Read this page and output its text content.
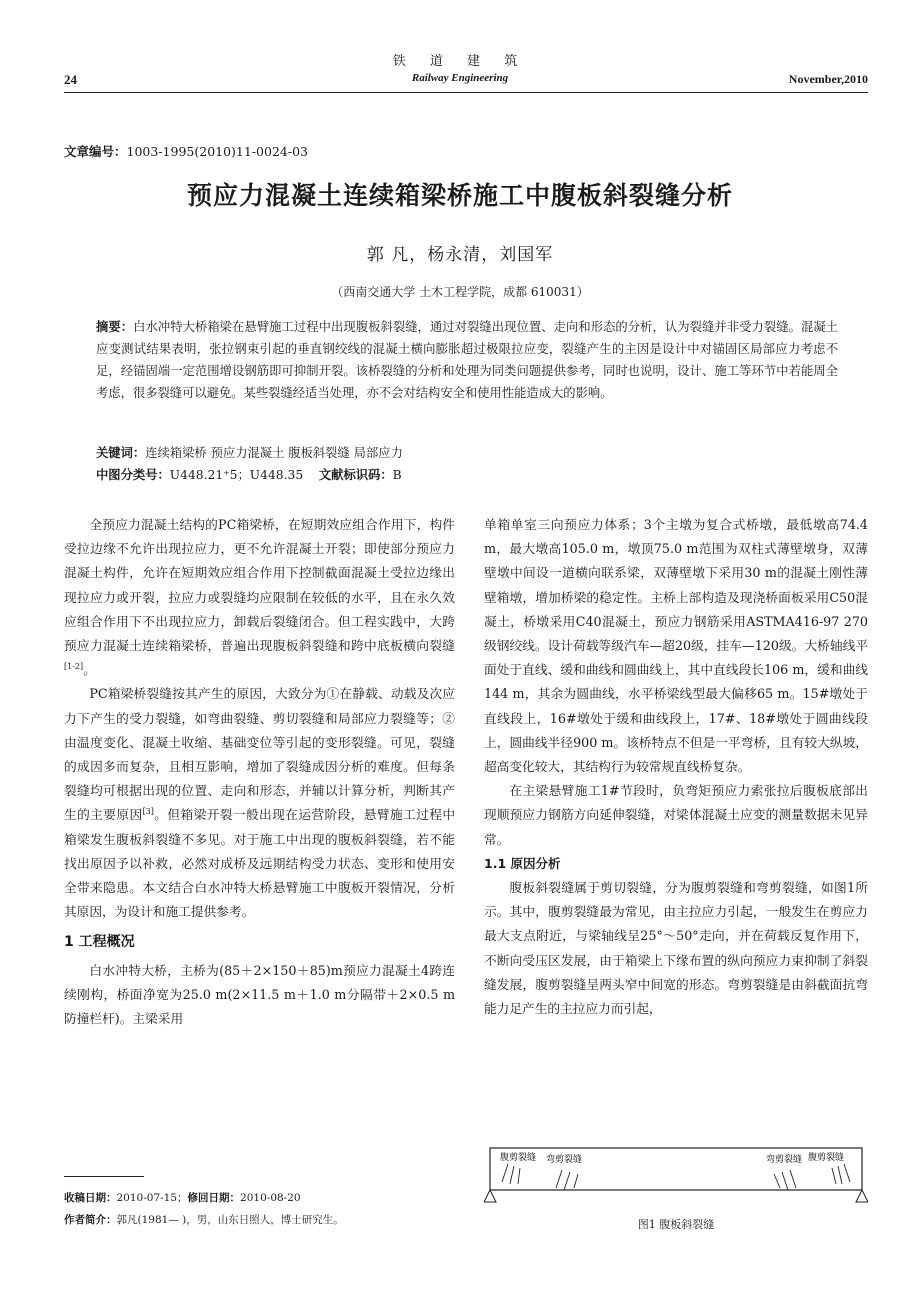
铁 道 建 筑
24	Railway Engineering	November,2010
文章编号：1003-1995(2010)11-0024-03
预应力混凝土连续箱梁桥施工中腹板斜裂缝分析
郭 凡，杨永清，刘国军
（西南交通大学 土木工程学院，成都 610031）
摘要：白水冲特大桥箱梁在悬臂施工过程中出现腹板斜裂缝，通过对裂缝出现位置、走向和形态的分析，认为裂缝并非受力裂缝。混凝土应变测试结果表明，张拉钢束引起的垂直钢绞线的混凝土横向膨胀超过极限拉应变，裂缝产生的主因是设计中对锚固区局部应力考虑不足，经锚固端一定范围增设钢筋即可抑制开裂。该桥裂缝的分析和处理为同类问题提供参考，同时也说明，设计、施工等环节中若能周全考虑，很多裂缝可以避免。某些裂缝经适当处理，亦不会对结构安全和使用性能造成大的影响。
关键词：连续箱梁桥 预应力混凝土 腹板斜裂缝 局部应力
中图分类号：U448.21⁺5；U448.35 文献标识码：B

全预应力混凝土结构的PC箱梁桥，在短期效应组合作用下，构件受拉边缘不允许出现拉应力，更不允许混凝土开裂；即使部分预应力混凝土构件，允许在短期效应组合作用下控制截面混凝土受拉边缘出现拉应力或开裂，拉应力或裂缝均应限制在较低的水平，且在永久效应组合作用下不出现拉应力，卸载后裂缝闭合。但工程实践中，大跨预应力混凝土连续箱梁桥，普遍出现腹板斜裂缝和跨中底板横向裂缝[1-2]。

PC箱梁桥裂缝按其产生的原因，大致分为①在静载、动载及次应力下产生的受力裂缝，如弯曲裂缝、剪切裂缝和局部应力裂缝等；②由温度变化、混凝土收缩、基础变位等引起的变形裂缝。可见，裂缝的成因多而复杂，且相互影响，增加了裂缝成因分析的难度。但每条裂缝均可根据出现的位置、走向和形态，并辅以计算分析，判断其产生的主要原因[3]。但箱梁开裂一般出现在运营阶段，悬臂施工过程中箱梁发生腹板斜裂缝不多见。对于施工中出现的腹板斜裂缝，若不能找出原因予以补救，必然对成桥及远期结构受力状态、变形和使用安全带来隐患。本文结合白水冲特大桥悬臂施工中腹板开裂情况，分析其原因，为设计和施工提供参考。

1 工程概况

白水冲特大桥，主桥为(85＋2×150＋85)m预应力混凝土4跨连续刚构，桥面净宽为25.0 m(2×11.5 m＋1.0 m分隔带＋2×0.5 m防撞栏杆)。主梁采用

单箱单室三向预应力体系；3个主墩为复合式桥墩，最低墩高74.4 m，最大墩高105.0 m，墩顶75.0 m范围为双柱式薄壁墩身，双薄壁墩中间设一道横向联系梁，双薄壁墩下采用30 m的混凝土刚性薄壁箱墩，增加桥梁的稳定性。主桥上部构造及现浇桥面板采用C50混凝土，桥墩采用C40混凝土，预应力钢筋采用ASTMA416-97 270级钢绞线。设计荷载等级汽车—超20级，挂车—120级。大桥轴线平面处于直线、缓和曲线和圆曲线上，其中直线段长106 m，缓和曲线144 m，其余为圆曲线，水平桥梁线型最大偏移65 m。15#墩处于直线段上，16#墩处于缓和曲线段上，17#、18#墩处于圆曲线段上，圆曲线半径900 m。该桥特点不但是一平弯桥，且有较大纵坡，超高变化较大，其结构行为较常规直线桥复杂。

在主梁悬臂施工1#节段时，负弯矩预应力索张拉后腹板底部出现顺预应力钢筋方向延伸裂缝，对梁体混凝土应变的测量数据未见异常。

1.1 原因分析

腹板斜裂缝属于剪切裂缝，分为腹剪裂缝和弯剪裂缝，如图1所示。其中，腹剪裂缝最为常见，由主拉应力引起，一般发生在剪应力最大支点附近，与梁轴线呈25°～50°走向，并在荷载反复作用下，不断向受压区发展，由于箱梁上下缘布置的纵向预应力束抑制了斜裂缝发展，腹剪裂缝呈两头窄中间宽的形态。弯剪裂缝是由斜截面抗弯能力足产生的主拉应力而引起，

腹剪裂缝 弯剪裂缝	弯剪裂缝 腹剪裂缝
图1 腹板斜裂缝
收稿日期：2010-07-15；修回日期：2010-08-20
作者简介：郭凡(1981— )，男，山东日照人，博士研究生。
